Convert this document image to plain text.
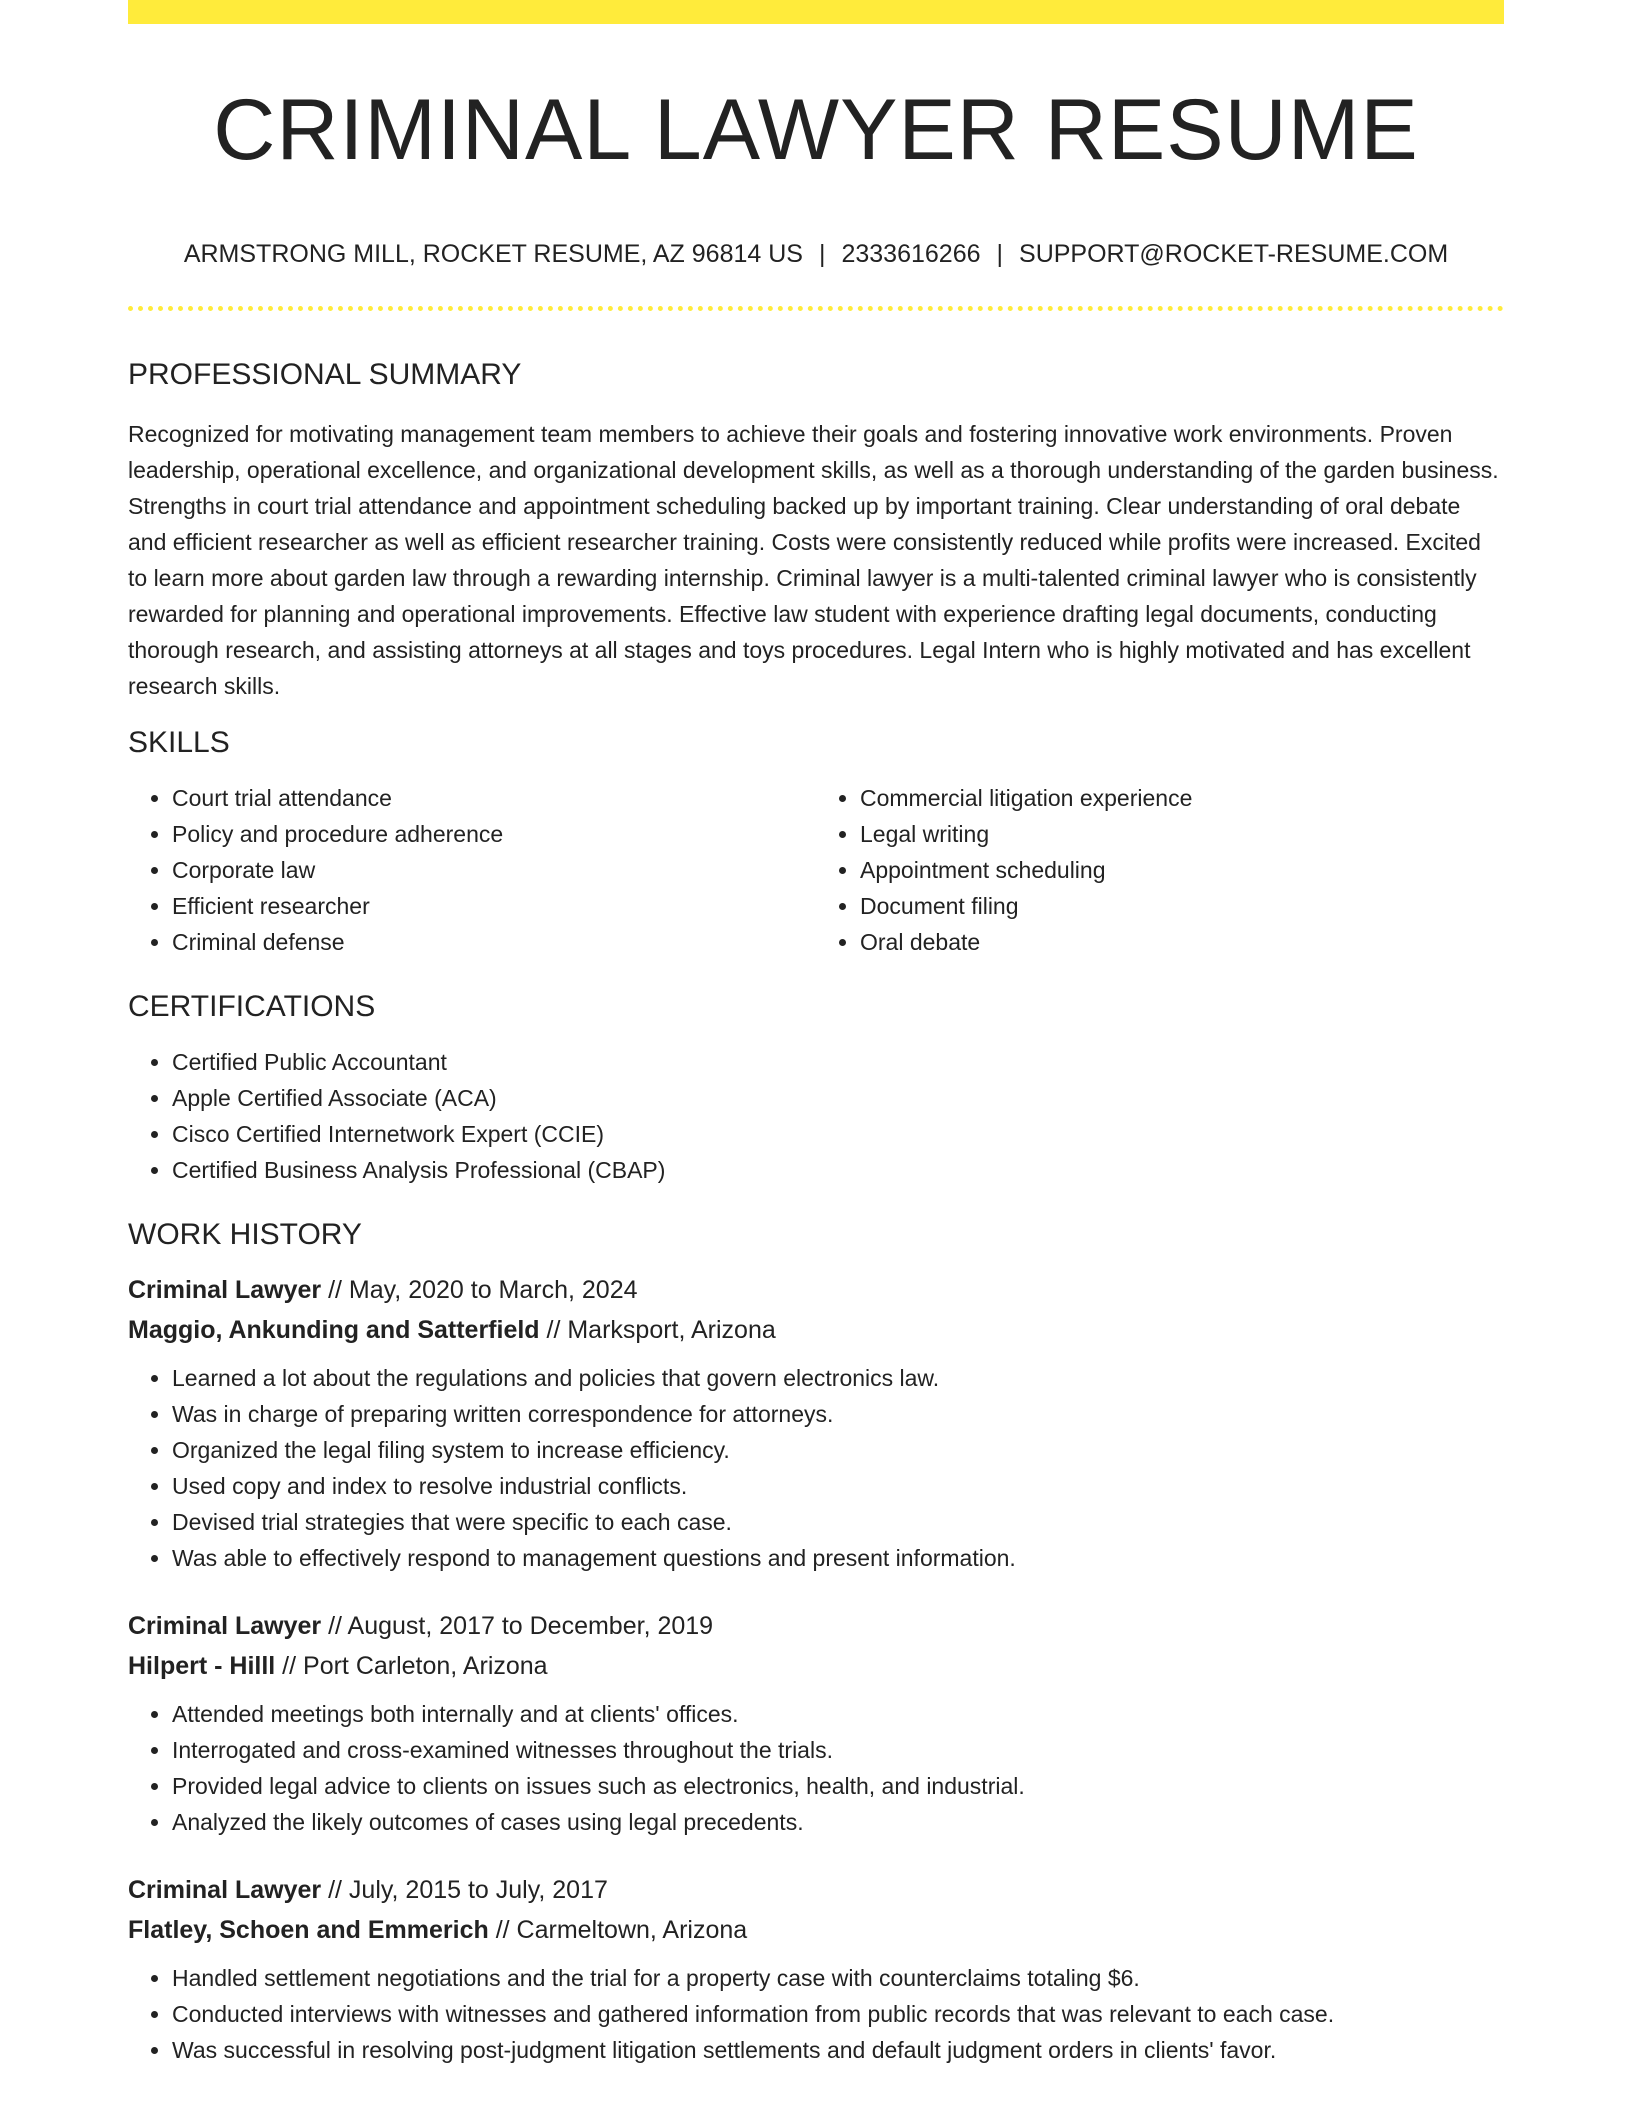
CRIMINAL LAWYER RESUME
ARMSTRONG MILL, ROCKET RESUME, AZ 96814 US | 2333616266 | SUPPORT@ROCKET-RESUME.COM
PROFESSIONAL SUMMARY

Recognized for motivating management team members to achieve their goals and fostering innovative work environments. Proven leadership, operational excellence, and organizational development skills, as well as a thorough understanding of the garden business. Strengths in court trial attendance and appointment scheduling backed up by important training. Clear understanding of oral debate and efficient researcher as well as efficient researcher training. Costs were consistently reduced while profits were increased. Excited to learn more about garden law through a rewarding internship. Criminal lawyer is a multi-talented criminal lawyer who is consistently rewarded for planning and operational improvements. Effective law student with experience drafting legal documents, conducting thorough research, and assisting attorneys at all stages and toys procedures. Legal Intern who is highly motivated and has excellent research skills.

SKILLS
• Court trial attendance
• Policy and procedure adherence
• Corporate law
• Efficient researcher
• Criminal defense
• Commercial litigation experience
• Legal writing
• Appointment scheduling
• Document filing
• Oral debate
CERTIFICATIONS
• Certified Public Accountant
• Apple Certified Associate (ACA)
• Cisco Certified Internetwork Expert (CCIE)
• Certified Business Analysis Professional (CBAP)
WORK HISTORY

Criminal Lawyer // May, 2020 to March, 2024

Maggio, Ankunding and Satterfield // Marksport, Arizona

• Learned a lot about the regulations and policies that govern electronics law.
• Was in charge of preparing written correspondence for attorneys.
• Organized the legal filing system to increase efficiency.
• Used copy and index to resolve industrial conflicts.
• Devised trial strategies that were specific to each case.
• Was able to effectively respond to management questions and present information.

Criminal Lawyer // August, 2017 to December, 2019

Hilpert - Hilll // Port Carleton, Arizona

• Attended meetings both internally and at clients' offices.
• Interrogated and cross-examined witnesses throughout the trials.
• Provided legal advice to clients on issues such as electronics, health, and industrial.
• Analyzed the likely outcomes of cases using legal precedents.

Criminal Lawyer // July, 2015 to July, 2017

Flatley, Schoen and Emmerich // Carmeltown, Arizona

• Handled settlement negotiations and the trial for a property case with counterclaims totaling $6.
• Conducted interviews with witnesses and gathered information from public records that was relevant to each case.
• Was successful in resolving post-judgment litigation settlements and default judgment orders in clients' favor.
